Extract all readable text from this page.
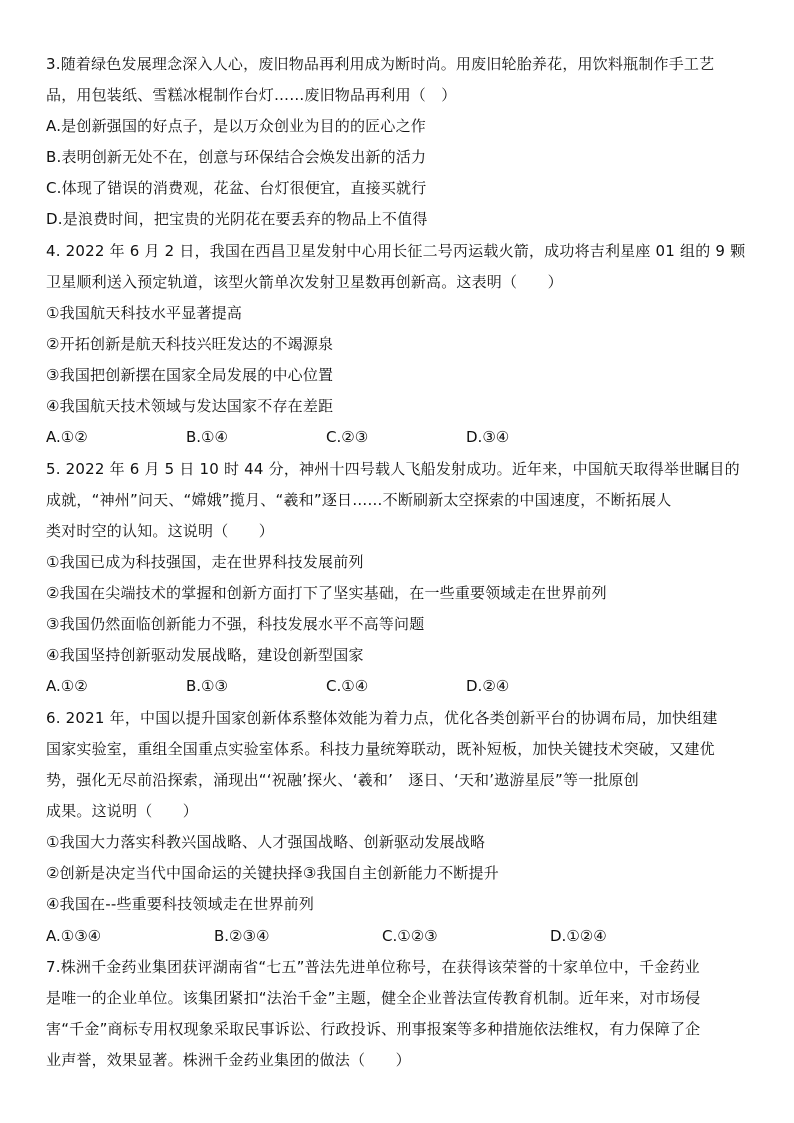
3.随着绿色发展理念深入人心，废旧物品再利用成为断时尚。用废旧轮胎养花，用饮料瓶制作手工艺
品，用包装纸、雪糕冰棍制作台灯……废旧物品再利用（　）
A.是创新强国的好点子，是以万众创业为目的的匠心之作
B.表明创新无处不在，创意与环保结合会焕发出新的活力
C.体现了错误的消费观，花盆、台灯很便宜，直接买就行
D.是浪费时间，把宝贵的光阴花在要丢弃的物品上不值得
4. 2022 年 6 月 2 日，我国在西昌卫星发射中心用长征二号丙运载火箭，成功将吉利星座 01 组的 9 颗
卫星顺利送入预定轨道，该型火箭单次发射卫星数再创新高。这表明（　　）
①我国航天科技水平显著提高
②开拓创新是航天科技兴旺发达的不竭源泉
③我国把创新摆在国家全局发展的中心位置
④我国航天技术领域与发达国家不存在差距
A.①②	B.①④	C.②③	D.③④
5. 2022 年 6 月 5 日 10 时 44 分，神州十四号载人飞船发射成功。近年来，中国航天取得举世瞩目的
成就，“神州”问天、“嫦娥”揽月、“羲和”逐日……不断刷新太空探索的中国速度，不断拓展人
类对时空的认知。这说明（　　）
①我国已成为科技强国，走在世界科技发展前列
②我国在尖端技术的掌握和创新方面打下了坚实基础，在一些重要领域走在世界前列
③我国仍然面临创新能力不强，科技发展水平不高等问题
④我国坚持创新驱动发展战略，建设创新型国家
A.①②	B.①③	C.①④	D.②④
6. 2021 年，中国以提升国家创新体系整体效能为着力点，优化各类创新平台的协调布局，加快组建
国家实验室，重组全国重点实验室体系。科技力量统筹联动，既补短板，加快关键技术突破，又建优
势，强化无尽前沿探索，涌现出“‘祝融’探火、‘羲和’　逐日、‘天和’遨游星辰”等一批原创
成果。这说明（　　）
①我国大力落实科教兴国战略、人才强国战略、创新驱动发展战略
②创新是决定当代中国命运的关键抉择③我国自主创新能力不断提升
④我国在--些重要科技领域走在世界前列
A.①③④	B.②③④	C.①②③	D.①②④
7.株洲千金药业集团获评湖南省“七五”普法先进单位称号，在获得该荣誉的十家单位中，千金药业
是唯一的企业单位。该集团紧扣“法治千金”主题，健全企业普法宣传教育机制。近年来，对市场侵
害“千金”商标专用权现象采取民事诉讼、行政投诉、刑事报案等多种措施依法维权，有力保障了企
业声誉，效果显著。株洲千金药业集团的做法（　　）
